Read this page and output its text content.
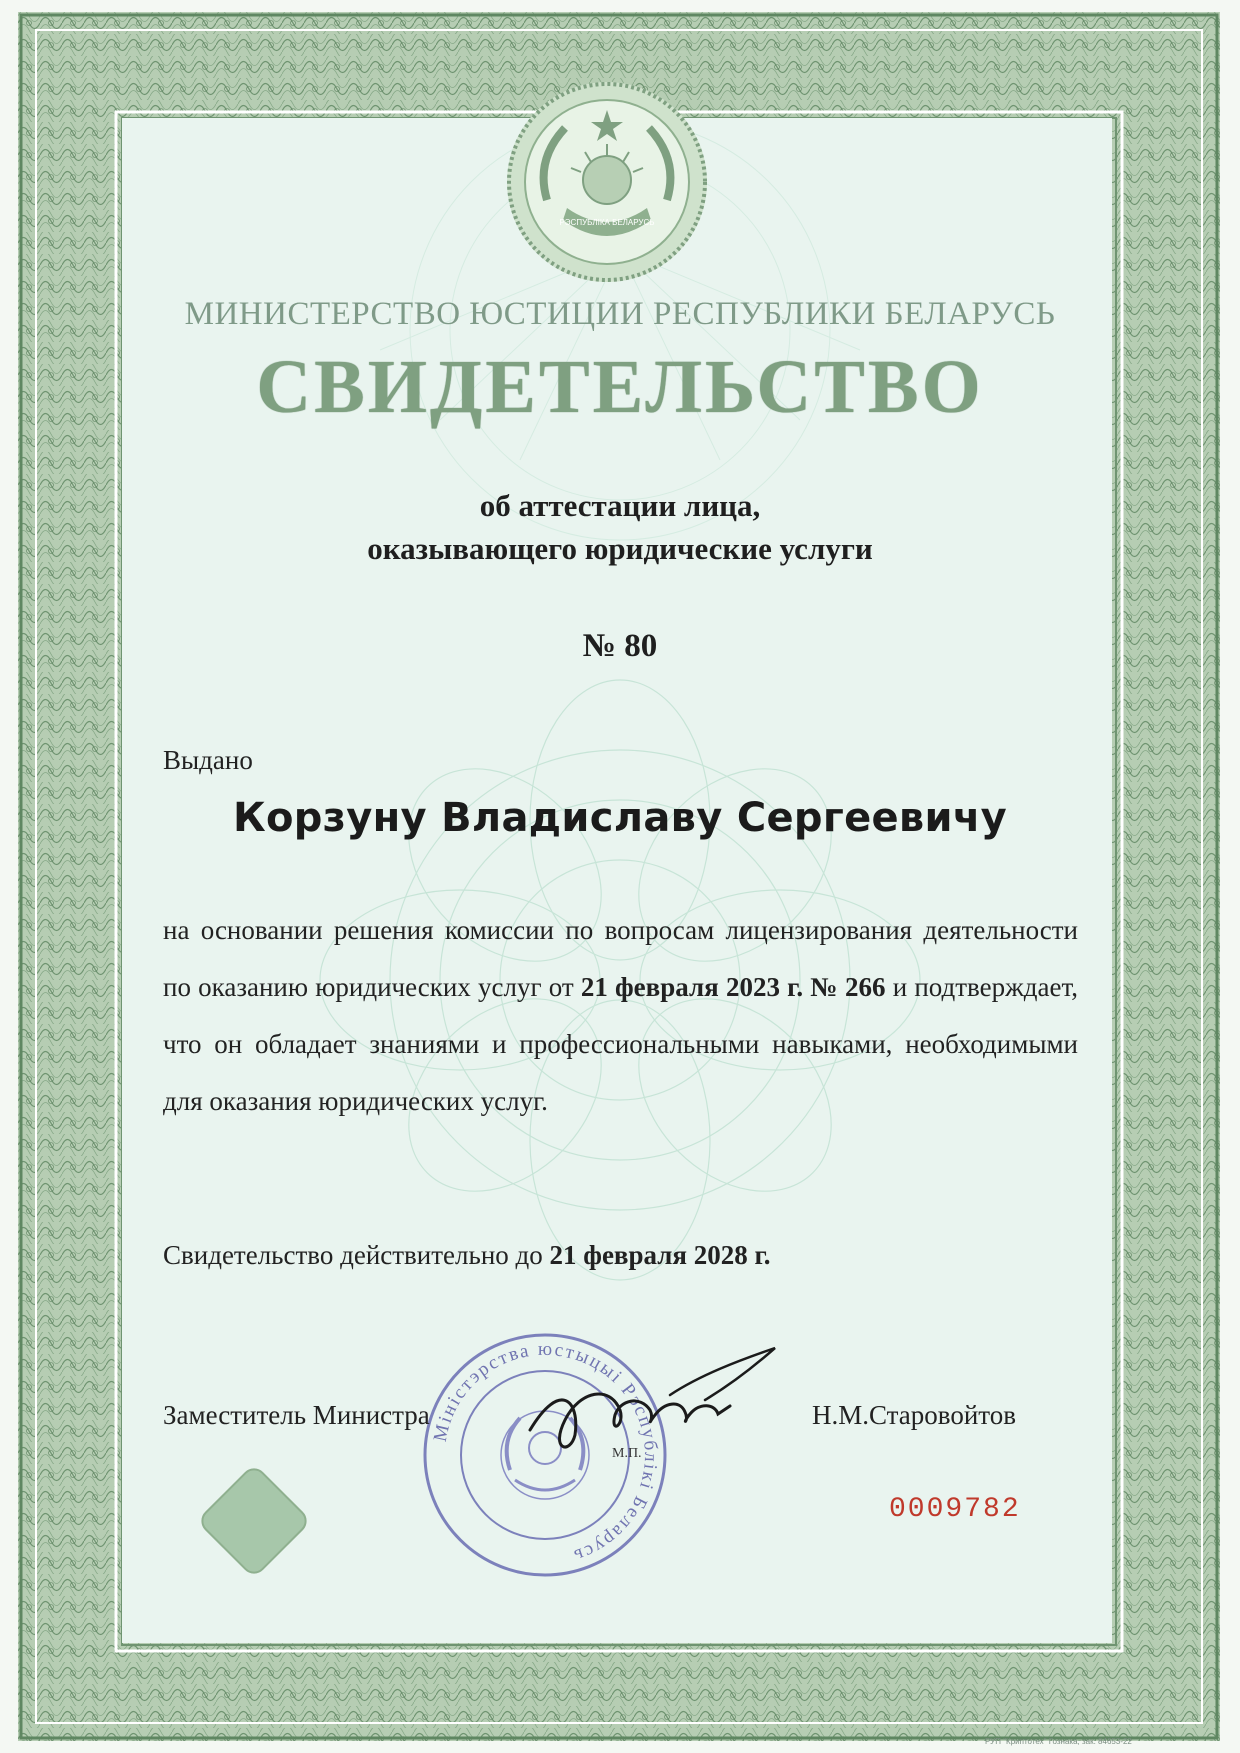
РЭСПУБЛІКА БЕЛАРУСЬ
МИНИСТЕРСТВО ЮСТИЦИИ РЕСПУБЛИКИ БЕЛАРУСЬ
СВИДЕТЕЛЬСТВО
об аттестации лица,
оказывающего юридические услуги
№ 80
Выдано
Корзуну Владиславу Сергеевичу
на основании решения комиссии по вопросам лицензирования деятельности по оказанию юридических услуг от 21 февраля 2023 г. № 266 и подтверждает, что он обладает знаниями и профессиональными навыками, необходимыми для оказания юридических услуг.
Свидетельство действительно до 21 февраля 2028 г.
Міністэрства юстыцыі Рэспублікі Беларусь
Заместитель Министра
М.П.
Н.М.Старовойтов
0009782
РУП "Криптотех" Гознака, зак. 84653-22
